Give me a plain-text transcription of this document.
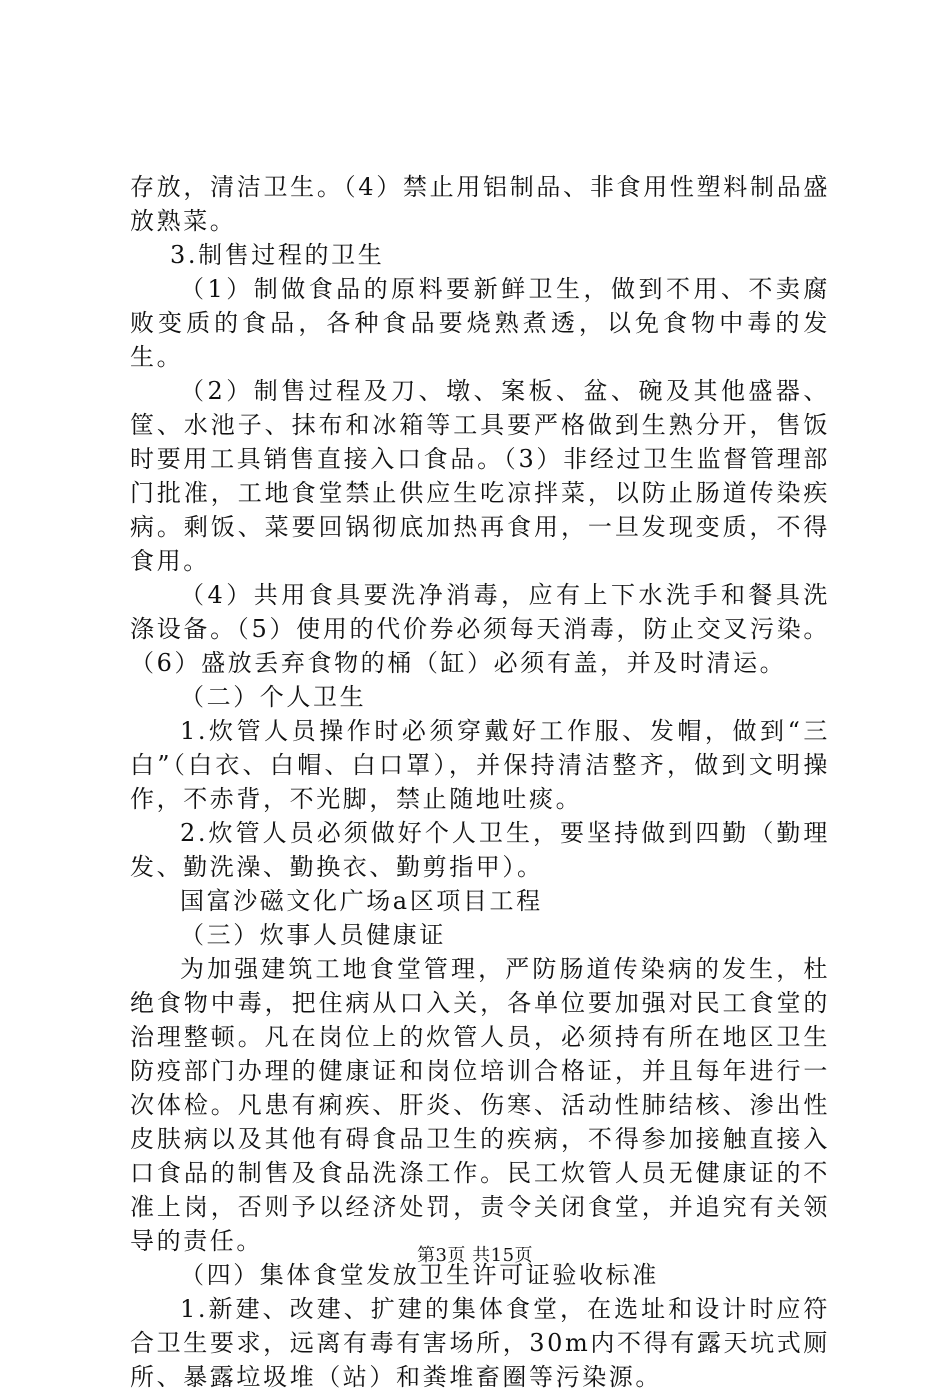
存放，清洁卫生。（4）禁止用铝制品、非食用性塑料制品盛放熟菜。

3.制售过程的卫生

（1）制做食品的原料要新鲜卫生，做到不用、不卖腐败变质的食品，各种食品要烧熟煮透，以免食物中毒的发生。

（2）制售过程及刀、墩、案板、盆、碗及其他盛器、筐、水池子、抹布和冰箱等工具要严格做到生熟分开，售饭时要用工具销售直接入口食品。（3）非经过卫生监督管理部门批准，工地食堂禁止供应生吃凉拌菜，以防止肠道传染疾病。剩饭、菜要回锅彻底加热再食用，一旦发现变质，不得食用。

（4）共用食具要洗净消毒，应有上下水洗手和餐具洗涤设备。（5）使用的代价券必须每天消毒，防止交叉污染。（6）盛放丢弃食物的桶（缸）必须有盖，并及时清运。

（二）个人卫生

1.炊管人员操作时必须穿戴好工作服、发帽，做到“三白”（白衣、白帽、白口罩），并保持清洁整齐，做到文明操作，不赤背，不光脚，禁止随地吐痰。

2.炊管人员必须做好个人卫生，要坚持做到四勤（勤理发、勤洗澡、勤换衣、勤剪指甲）。

国富沙磁文化广场a区项目工程

（三）炊事人员健康证

为加强建筑工地食堂管理，严防肠道传染病的发生，杜绝食物中毒，把住病从口入关，各单位要加强对民工食堂的治理整顿。凡在岗位上的炊管人员，必须持有所在地区卫生防疫部门办理的健康证和岗位培训合格证，并且每年进行一次体检。凡患有痢疾、肝炎、伤寒、活动性肺结核、渗出性皮肤病以及其他有碍食品卫生的疾病，不得参加接触直接入口食品的制售及食品洗涤工作。民工炊管人员无健康证的不准上岗，否则予以经济处罚，责令关闭食堂，并追究有关领导的责任。

（四）集体食堂发放卫生许可证验收标准

1.新建、改建、扩建的集体食堂，在选址和设计时应符合卫生要求，远离有毒有害场所，30m内不得有露天坑式厕所、暴露垃圾堆（站）和粪堆畜圈等污染源。

第3页 共15页
